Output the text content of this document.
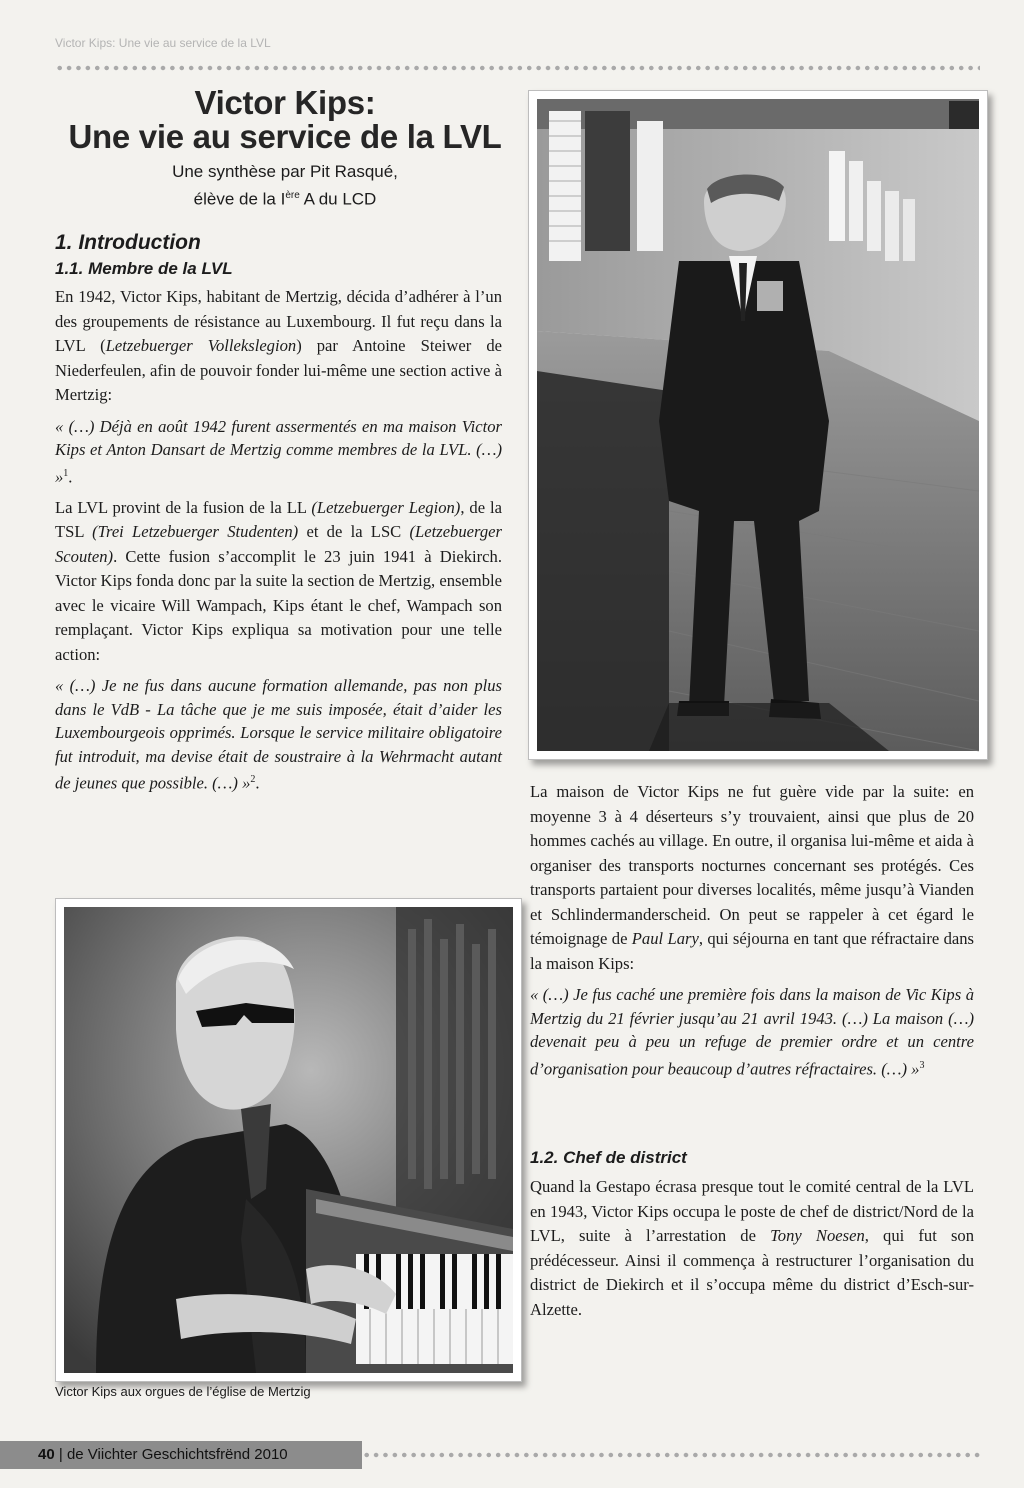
Victor Kips: Une vie au service de la LVL
Victor Kips:
Une vie au service de la LVL
Une synthèse par Pit Rasqué,
élève de la Ière A du LCD
1. Introduction
1.1. Membre de la LVL

En 1942, Victor Kips, habitant de Mertzig, décida d’adhérer à l’un des groupements de résistance au Luxembourg. Il fut reçu dans la LVL (Letzebuerger Vollekslegion) par Antoine Steiwer de Niederfeulen, afin de pouvoir fonder lui-même une section active à Mertzig:

« (…) Déjà en août 1942 furent assermentés en ma maison Victor Kips et Anton Dansart de Mertzig comme membres de la LVL. (…) »$^1$.

La LVL provint de la fusion de la LL (Letzebuerger Legion), de la TSL (Trei Letzebuerger Studenten) et de la LSC (Letzebuerger Scouten). Cette fusion s’accomplit le 23 juin 1941 à Diekirch. Victor Kips fonda donc par la suite la section de Mertzig, ensemble avec le vicaire Will Wampach, Kips étant le chef, Wampach son remplaçant. Victor Kips expliqua sa motivation pour une telle action:

« (…) Je ne fus dans aucune formation allemande, pas non plus dans le VdB - La tâche que je me suis imposée, était d’aider les Luxembourgeois opprimés. Lorsque le service militaire obligatoire fut introduit, ma devise était de soustraire à la Wehrmacht autant de jeunes que possible. (…) »$^2$.

Victor Kips aux orgues de l’église de Mertzig

La maison de Victor Kips ne fut guère vide par la suite: en moyenne 3 à 4 déserteurs s’y trouvaient, ainsi que plus de 20 hommes cachés au village. En outre, il organisa lui-même et aida à organiser des transports nocturnes concernant ses protégés. Ces transports partaient pour diverses localités, même jusqu’à Vianden et Schlindermanderscheid. On peut se rappeler à cet égard le témoignage de Paul Lary, qui séjourna en tant que réfractaire dans la maison Kips:

« (…) Je fus caché une première fois dans la maison de Vic Kips à Mertzig du 21 février jusqu’au 21 avril 1943. (…) La maison (…) devenait peu à peu un refuge de premier ordre et un centre d’organisation pour beaucoup d’autres réfractaires. (…) »$^3$

1.2. Chef de district

Quand la Gestapo écrasa presque tout le comité central de la LVL en 1943, Victor Kips occupa le poste de chef de district/Nord de la LVL, suite à l’arrestation de Tony Noesen, qui fut son prédécesseur. Ainsi il commença à restructurer l’organisation du district de Diekirch et il s’occupa même du district d’Esch-sur-Alzette.

40 | de Viichter Geschichtsfrënd 2010
